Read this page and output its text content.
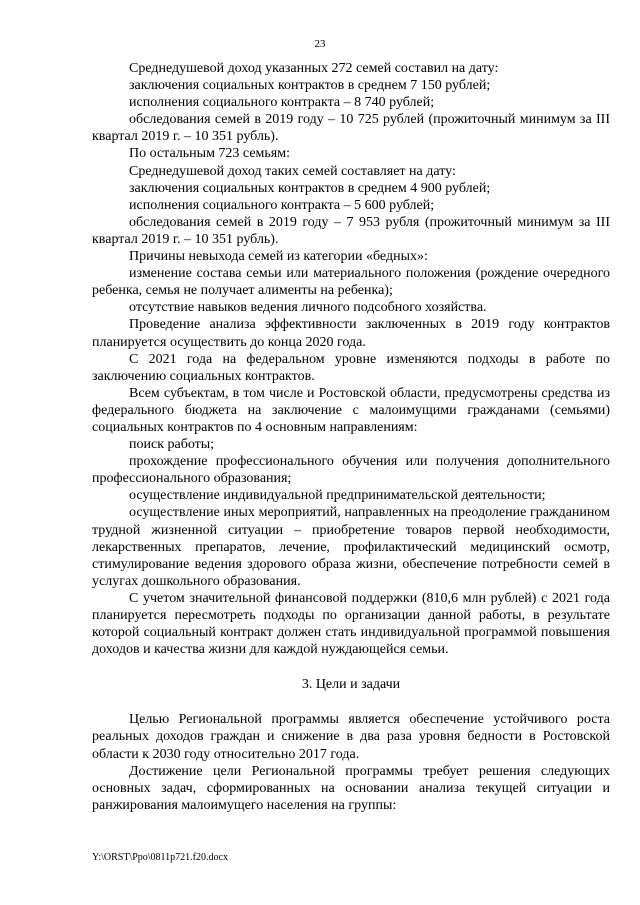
23

Среднедушевой доход указанных 272 семей составил на дату:

заключения социальных контрактов в среднем 7 150 рублей;

исполнения социального контракта – 8 740 рублей;

обследования семей в 2019 году – 10 725 рублей (прожиточный минимум за III квартал 2019 г. – 10 351 рубль).

По остальным 723 семьям:

Среднедушевой доход таких семей составляет на дату:

заключения социальных контрактов в среднем 4 900 рублей;

исполнения социального контракта – 5 600 рублей;

обследования семей в 2019 году – 7 953 рубля (прожиточный минимум за III квартал 2019 г. – 10 351 рубль).

Причины невыхода семей из категории «бедных»:

изменение состава семьи или материального положения (рождение очередного ребенка, семья не получает алименты на ребенка);

отсутствие навыков ведения личного подсобного хозяйства.

Проведение анализа эффективности заключенных в 2019 году контрактов планируется осуществить до конца 2020 года.

С 2021 года на федеральном уровне изменяются подходы в работе по заключению социальных контрактов.

Всем субъектам, в том числе и Ростовской области, предусмотрены средства из федерального бюджета на заключение с малоимущими гражданами (семьями) социальных контрактов по 4 основным направлениям:

поиск работы;

прохождение профессионального обучения или получения дополнительного профессионального образования;

осуществление индивидуальной предпринимательской деятельности;

осуществление иных мероприятий, направленных на преодоление гражданином трудной жизненной ситуации – приобретение товаров первой необходимости, лекарственных препаратов, лечение, профилактический медицинский осмотр, стимулирование ведения здорового образа жизни, обеспечение потребности семей в услугах дошкольного образования.

С учетом значительной финансовой поддержки (810,6 млн рублей) с 2021 года планируется пересмотреть подходы по организации данной работы, в результате которой социальный контракт должен стать индивидуальной программой повышения доходов и качества жизни для каждой нуждающейся семьи.

3. Цели и задачи

Целью Региональной программы является обеспечение устойчивого роста реальных доходов граждан и снижение в два раза уровня бедности в Ростовской области к 2030 году относительно 2017 года.

Достижение цели Региональной программы требует решения следующих основных задач, сформированных на основании анализа текущей ситуации и ранжирования малоимущего населения на группы:

Y:\ORST\Ppo\0811p721.f20.docx
